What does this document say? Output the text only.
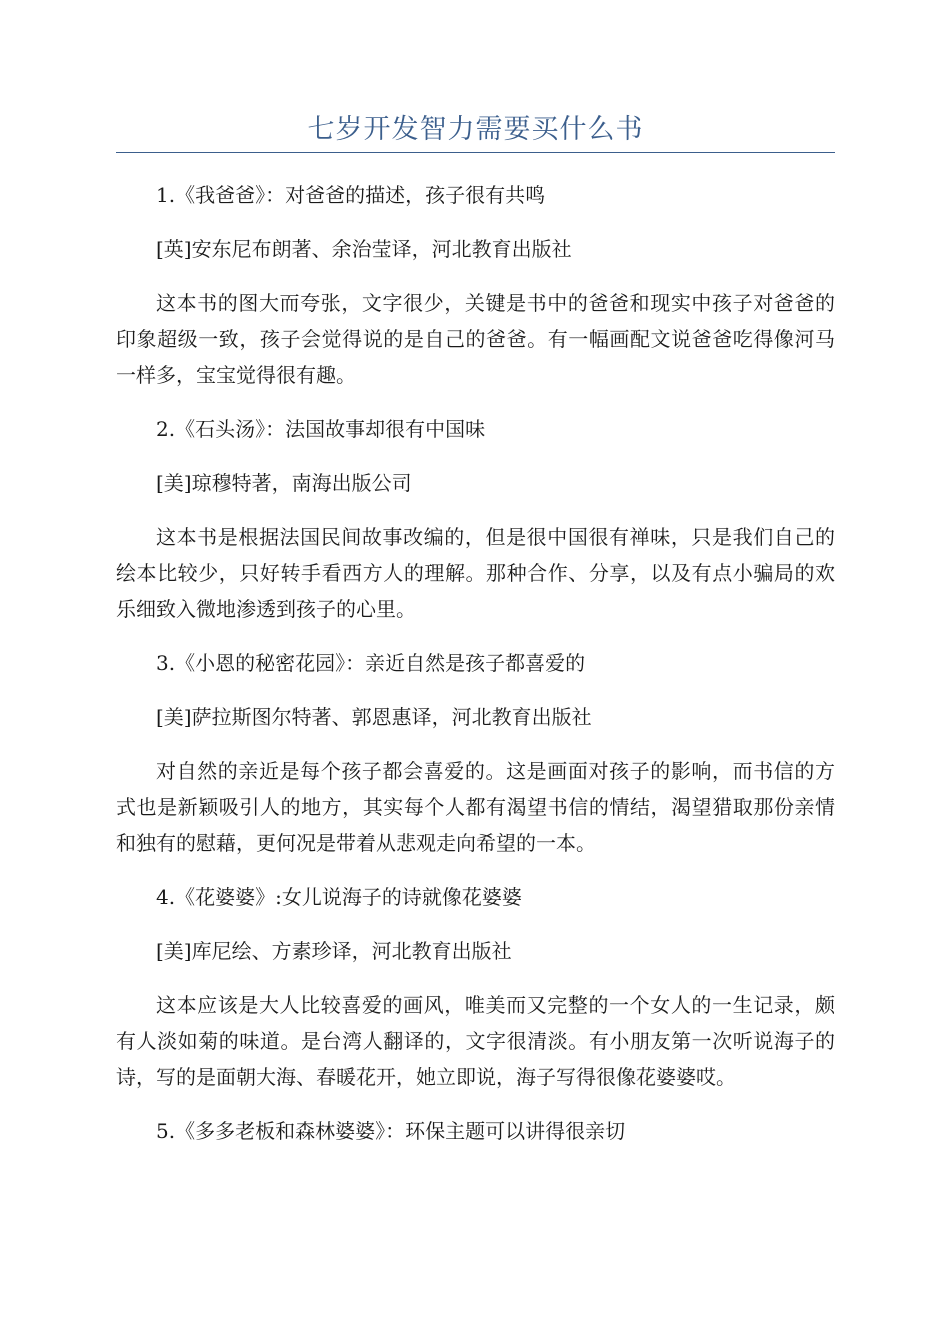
七岁开发智力需要买什么书

1.《我爸爸》：对爸爸的描述，孩子很有共鸣

[英]安东尼布朗著、余治莹译，河北教育出版社

这本书的图大而夸张，文字很少，关键是书中的爸爸和现实中孩子对爸爸的印象超级一致，孩子会觉得说的是自己的爸爸。有一幅画配文说爸爸吃得像河马一样多，宝宝觉得很有趣。

2.《石头汤》：法国故事却很有中国味

[美]琼穆特著，南海出版公司

这本书是根据法国民间故事改编的，但是很中国很有禅味，只是我们自己的绘本比较少，只好转手看西方人的理解。那种合作、分享，以及有点小骗局的欢乐细致入微地渗透到孩子的心里。

3.《小恩的秘密花园》：亲近自然是孩子都喜爱的

[美]萨拉斯图尔特著、郭恩惠译，河北教育出版社

对自然的亲近是每个孩子都会喜爱的。这是画面对孩子的影响，而书信的方式也是新颖吸引人的地方，其实每个人都有渴望书信的情结，渴望猎取那份亲情和独有的慰藉，更何况是带着从悲观走向希望的一本。

4.《花婆婆》:女儿说海子的诗就像花婆婆

[美]库尼绘、方素珍译，河北教育出版社

这本应该是大人比较喜爱的画风，唯美而又完整的一个女人的一生记录，颇有人淡如菊的味道。是台湾人翻译的，文字很清淡。有小朋友第一次听说海子的诗，写的是面朝大海、春暖花开，她立即说，海子写得很像花婆婆哎。

5.《多多老板和森林婆婆》：环保主题可以讲得很亲切
